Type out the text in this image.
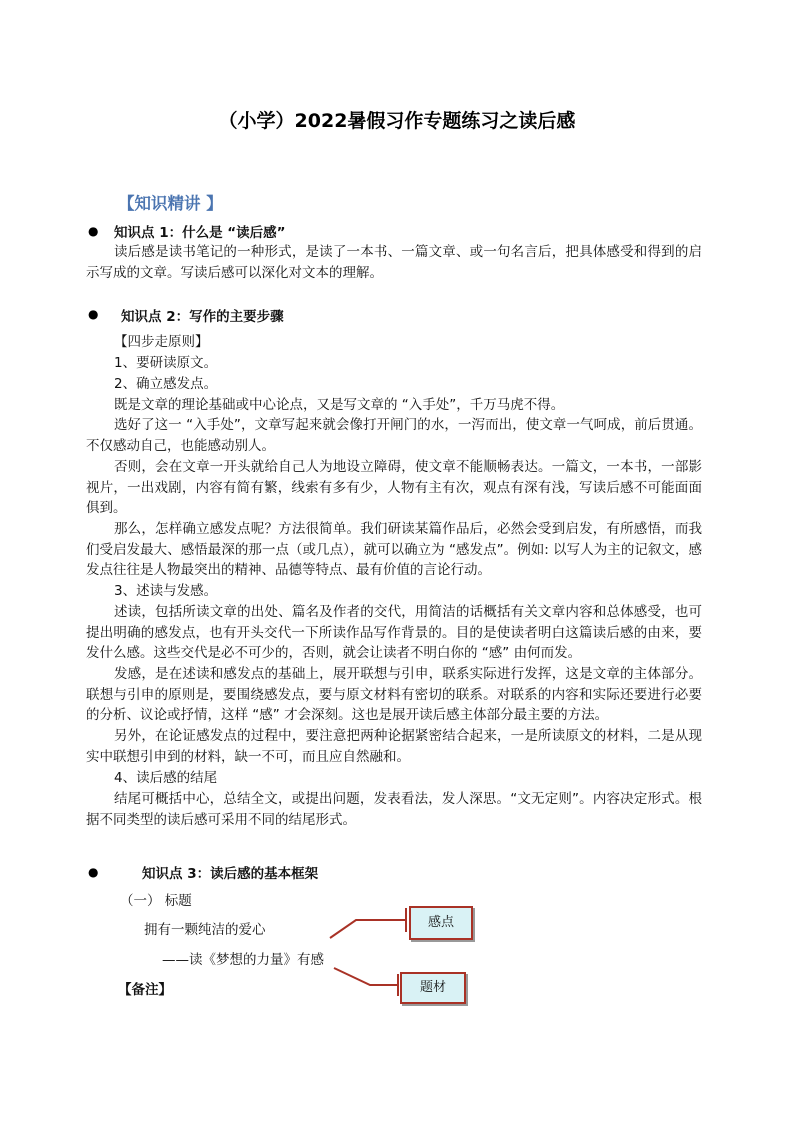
（小学）2022暑假习作专题练习之读后感
【知识精讲 】
● 知识点 1：什么是 “读后感”
读后感是读书笔记的一种形式，是读了一本书、一篇文章、或一句名言后，把具体感受和得到的启示写成的文章。写读后感可以深化对文本的理解。
● 知识点 2：写作的主要步骤
【四步走原则】
1、要研读原文。
2、确立感发点。
既是文章的理论基础或中心论点，又是写文章的 “入手处”，千万马虎不得。
选好了这一 “入手处”，文章写起来就会像打开闸门的水，一泻而出，使文章一气呵成，前后贯通。不仅感动自己，也能感动别人。
否则，会在文章一开头就给自己人为地设立障碍，使文章不能顺畅表达。一篇文，一本书，一部影视片，一出戏剧，内容有简有繁，线索有多有少，人物有主有次，观点有深有浅，写读后感不可能面面俱到。
那么，怎样确立感发点呢？方法很简单。我们研读某篇作品后，必然会受到启发，有所感悟，而我们受启发最大、感悟最深的那一点（或几点），就可以确立为 “感发点”。例如: 以写人为主的记叙文，感发点往往是人物最突出的精神、品德等特点、最有价值的言论行动。
3、述读与发感。
述读，包括所读文章的出处、篇名及作者的交代，用简洁的话概括有关文章内容和总体感受，也可提出明确的感发点，也有开头交代一下所读作品写作背景的。目的是使读者明白这篇读后感的由来，要发什么感。这些交代是必不可少的，否则，就会让读者不明白你的 “感” 由何而发。
发感，是在述读和感发点的基础上，展开联想与引申，联系实际进行发挥，这是文章的主体部分。联想与引申的原则是，要围绕感发点，要与原文材料有密切的联系。对联系的内容和实际还要进行必要的分析、议论或抒情，这样 “感” 才会深刻。这也是展开读后感主体部分最主要的方法。
另外，在论证感发点的过程中，要注意把两种论据紧密结合起来，一是所读原文的材料，二是从现实中联想引申到的材料，缺一不可，而且应自然融和。
4、读后感的结尾
结尾可概括中心，总结全文，或提出问题，发表看法，发人深思。“文无定则”。内容决定形式。根据不同类型的读后感可采用不同的结尾形式。
●	知识点 3：读后感的基本框架
（一） 标题
拥有一颗纯洁的爱心
——读《梦想的力量》有感
【备注】
感点
题材
